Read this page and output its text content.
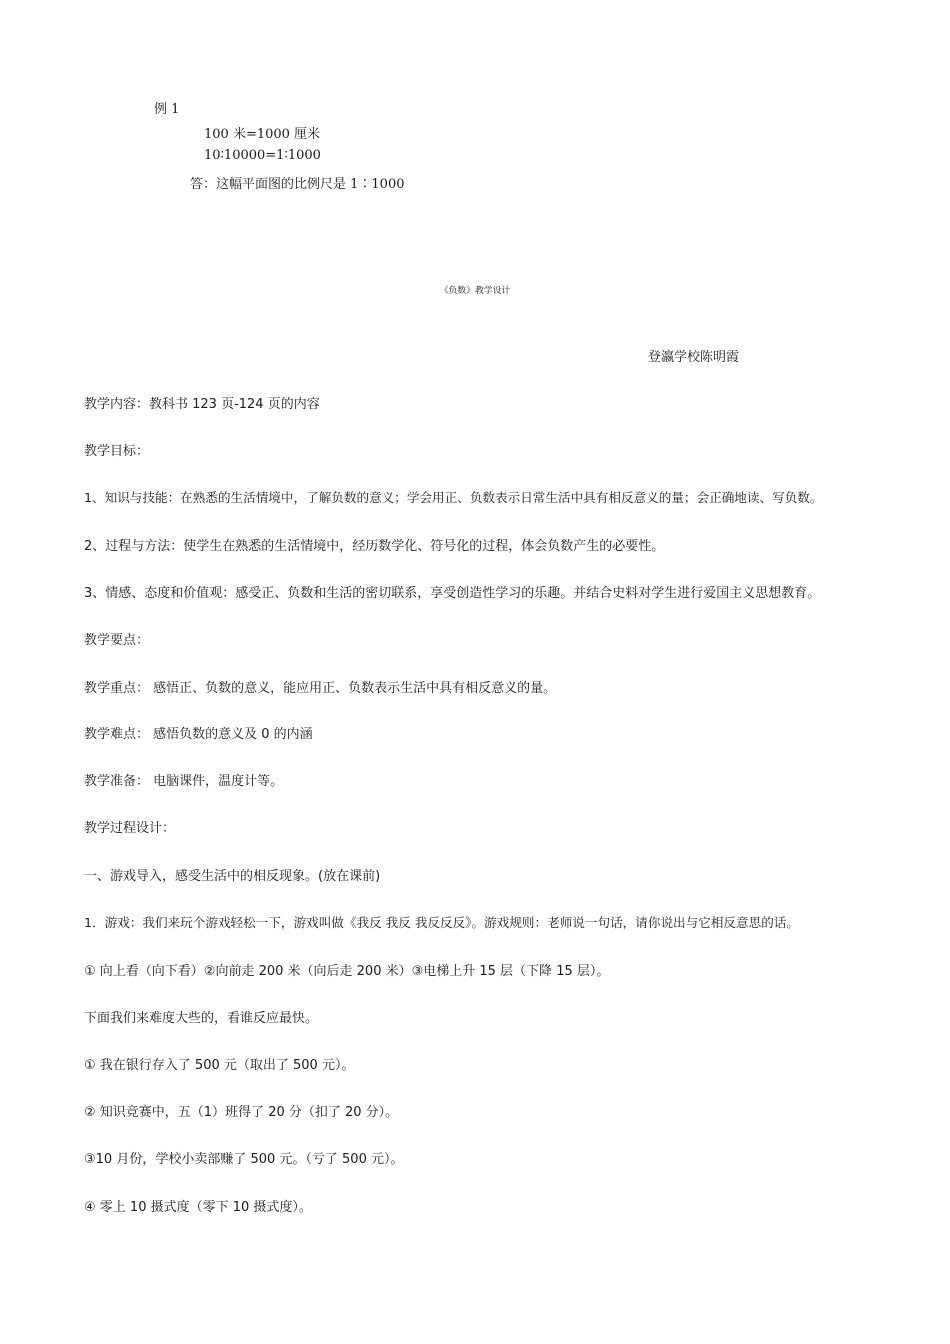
例 1
100 米=1000 厘米
10∶10000=1∶1000
答：这幅平面图的比例尺是 1∶1000
《负数》教学设计
登瀛学校陈明霞
教学内容：教科书 123 页-124 页的内容
教学目标：
1、知识与技能：在熟悉的生活情境中，了解负数的意义；学会用正、负数表示日常生活中具有相反意义的量；会正确地读、写负数。
2、过程与方法：使学生在熟悉的生活情境中，经历数学化、符号化的过程，体会负数产生的必要性。
3、情感、态度和价值观：感受正、负数和生活的密切联系，享受创造性学习的乐趣。并结合史料对学生进行爱国主义思想教育。
教学要点：
教学重点： 感悟正、负数的意义，能应用正、负数表示生活中具有相反意义的量。
教学难点： 感悟负数的意义及 0 的内涵
教学准备： 电脑课件，温度计等。
教学过程设计：
一、游戏导入，感受生活中的相反现象。(放在课前)
1．游戏：我们来玩个游戏轻松一下，游戏叫做《我反 我反 我反反反》。游戏规则：老师说一句话，请你说出与它相反意思的话。
① 向上看（向下看）②向前走 200 米（向后走 200 米）③电梯上升 15 层（下降 15 层）。
下面我们来难度大些的，看谁反应最快。
① 我在银行存入了 500 元（取出了 500 元）。
② 知识竞赛中，五（1）班得了 20 分（扣了 20 分）。
③10 月份，学校小卖部赚了 500 元。（亏了 500 元）。
④ 零上 10 摄式度（零下 10 摄式度）。
